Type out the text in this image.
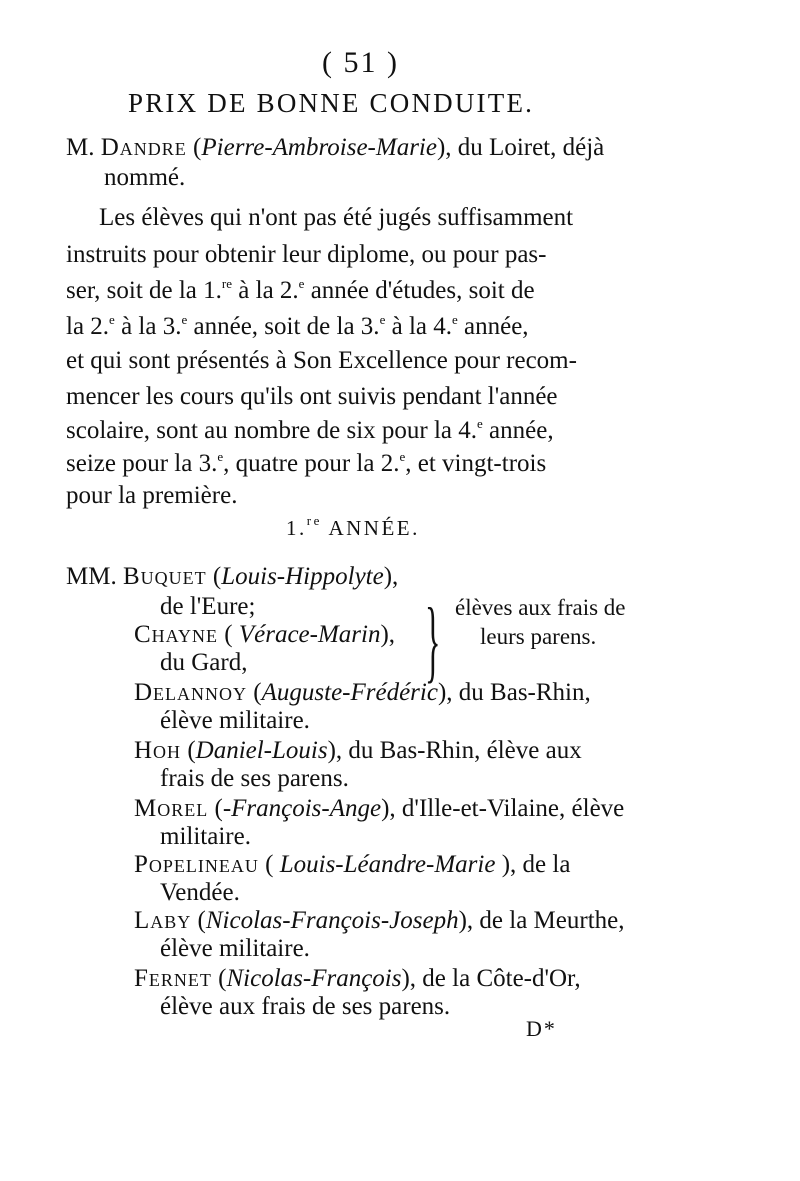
( 51 )
PRIX DE BONNE CONDUITE.
M. Dandre (Pierre-Ambroise-Marie), du Loiret, déjà
nommé.
Les élèves qui n'ont pas été jugés suffisamment
instruits pour obtenir leur diplome, ou pour pas-
ser, soit de la 1.$^{re}$ à la 2.$^e$ année d'études, soit de
la 2.$^e$ à la 3.$^e$ année, soit de la 3.$^e$ à la 4.$^e$ année,
et qui sont présentés à Son Excellence pour recom-
mencer les cours qu'ils ont suivis pendant l'année
scolaire, sont au nombre de six pour la 4.$^e$ année,
seize pour la 3.$^e$, quatre pour la 2.$^e$, et vingt-trois
pour la première.
1.$^{re}$ ANNÉE.
MM. Buquet (Louis-Hippolyte),
de l'Eure;
Chayne ( Vérace-Marin),
du Gard, } élèves aux frais de
leurs parens.
Delannoy (Auguste-Frédéric), du Bas-Rhin,
élève militaire.
Hoh (Daniel-Louis), du Bas-Rhin, élève aux
frais de ses parens.
Morel (-François-Ange), d'Ille-et-Vilaine, élève
militaire.
Popelineau ( Louis-Léandre-Marie ), de la
Vendée.
Laby (Nicolas-François-Joseph), de la Meurthe,
élève militaire.
Fernet (Nicolas-François), de la Côte-d'Or,
élève aux frais de ses parens.
D*
